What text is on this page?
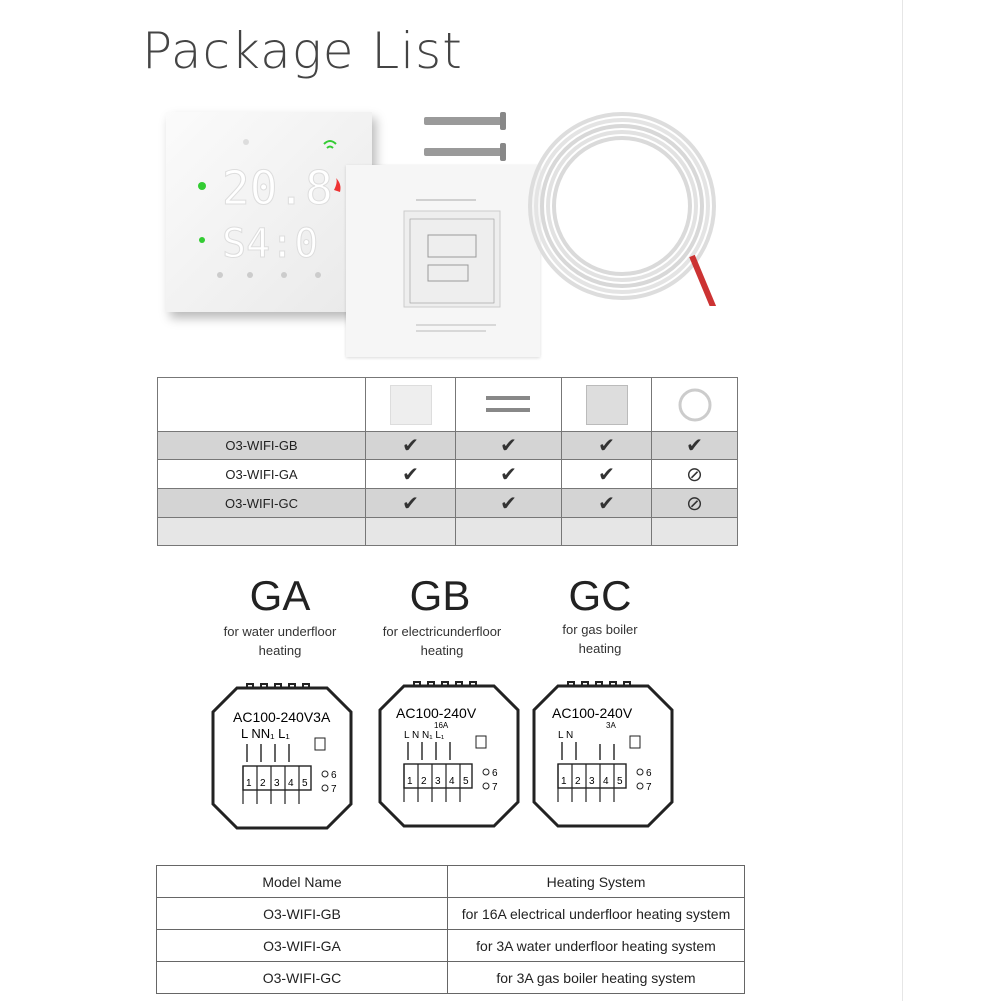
Package List
20.8
S4:0

O3-WIFI-GB	✔	✔	✔	✔
O3-WIFI-GA	✔	✔	✔	⊘
O3-WIFI-GC	✔	✔	✔	⊘

GA
for water underfloor
heating
GB
for electricunderfloor
heating
GC
for gas boiler
heating
AC100-240V3A
L NN₁ L₁
1 2 3 4 5
6
7
AC100-240V
16A
L N N₁ L₁
1 2 3 4 5
6
7
AC100-240V
L N
3A
1 2 3 4 5
6
7
Model Name	Heating System
O3-WIFI-GB	for 16A electrical underfloor heating system
O3-WIFI-GA	for 3A water underfloor heating system
O3-WIFI-GC	for 3A gas boiler heating system
